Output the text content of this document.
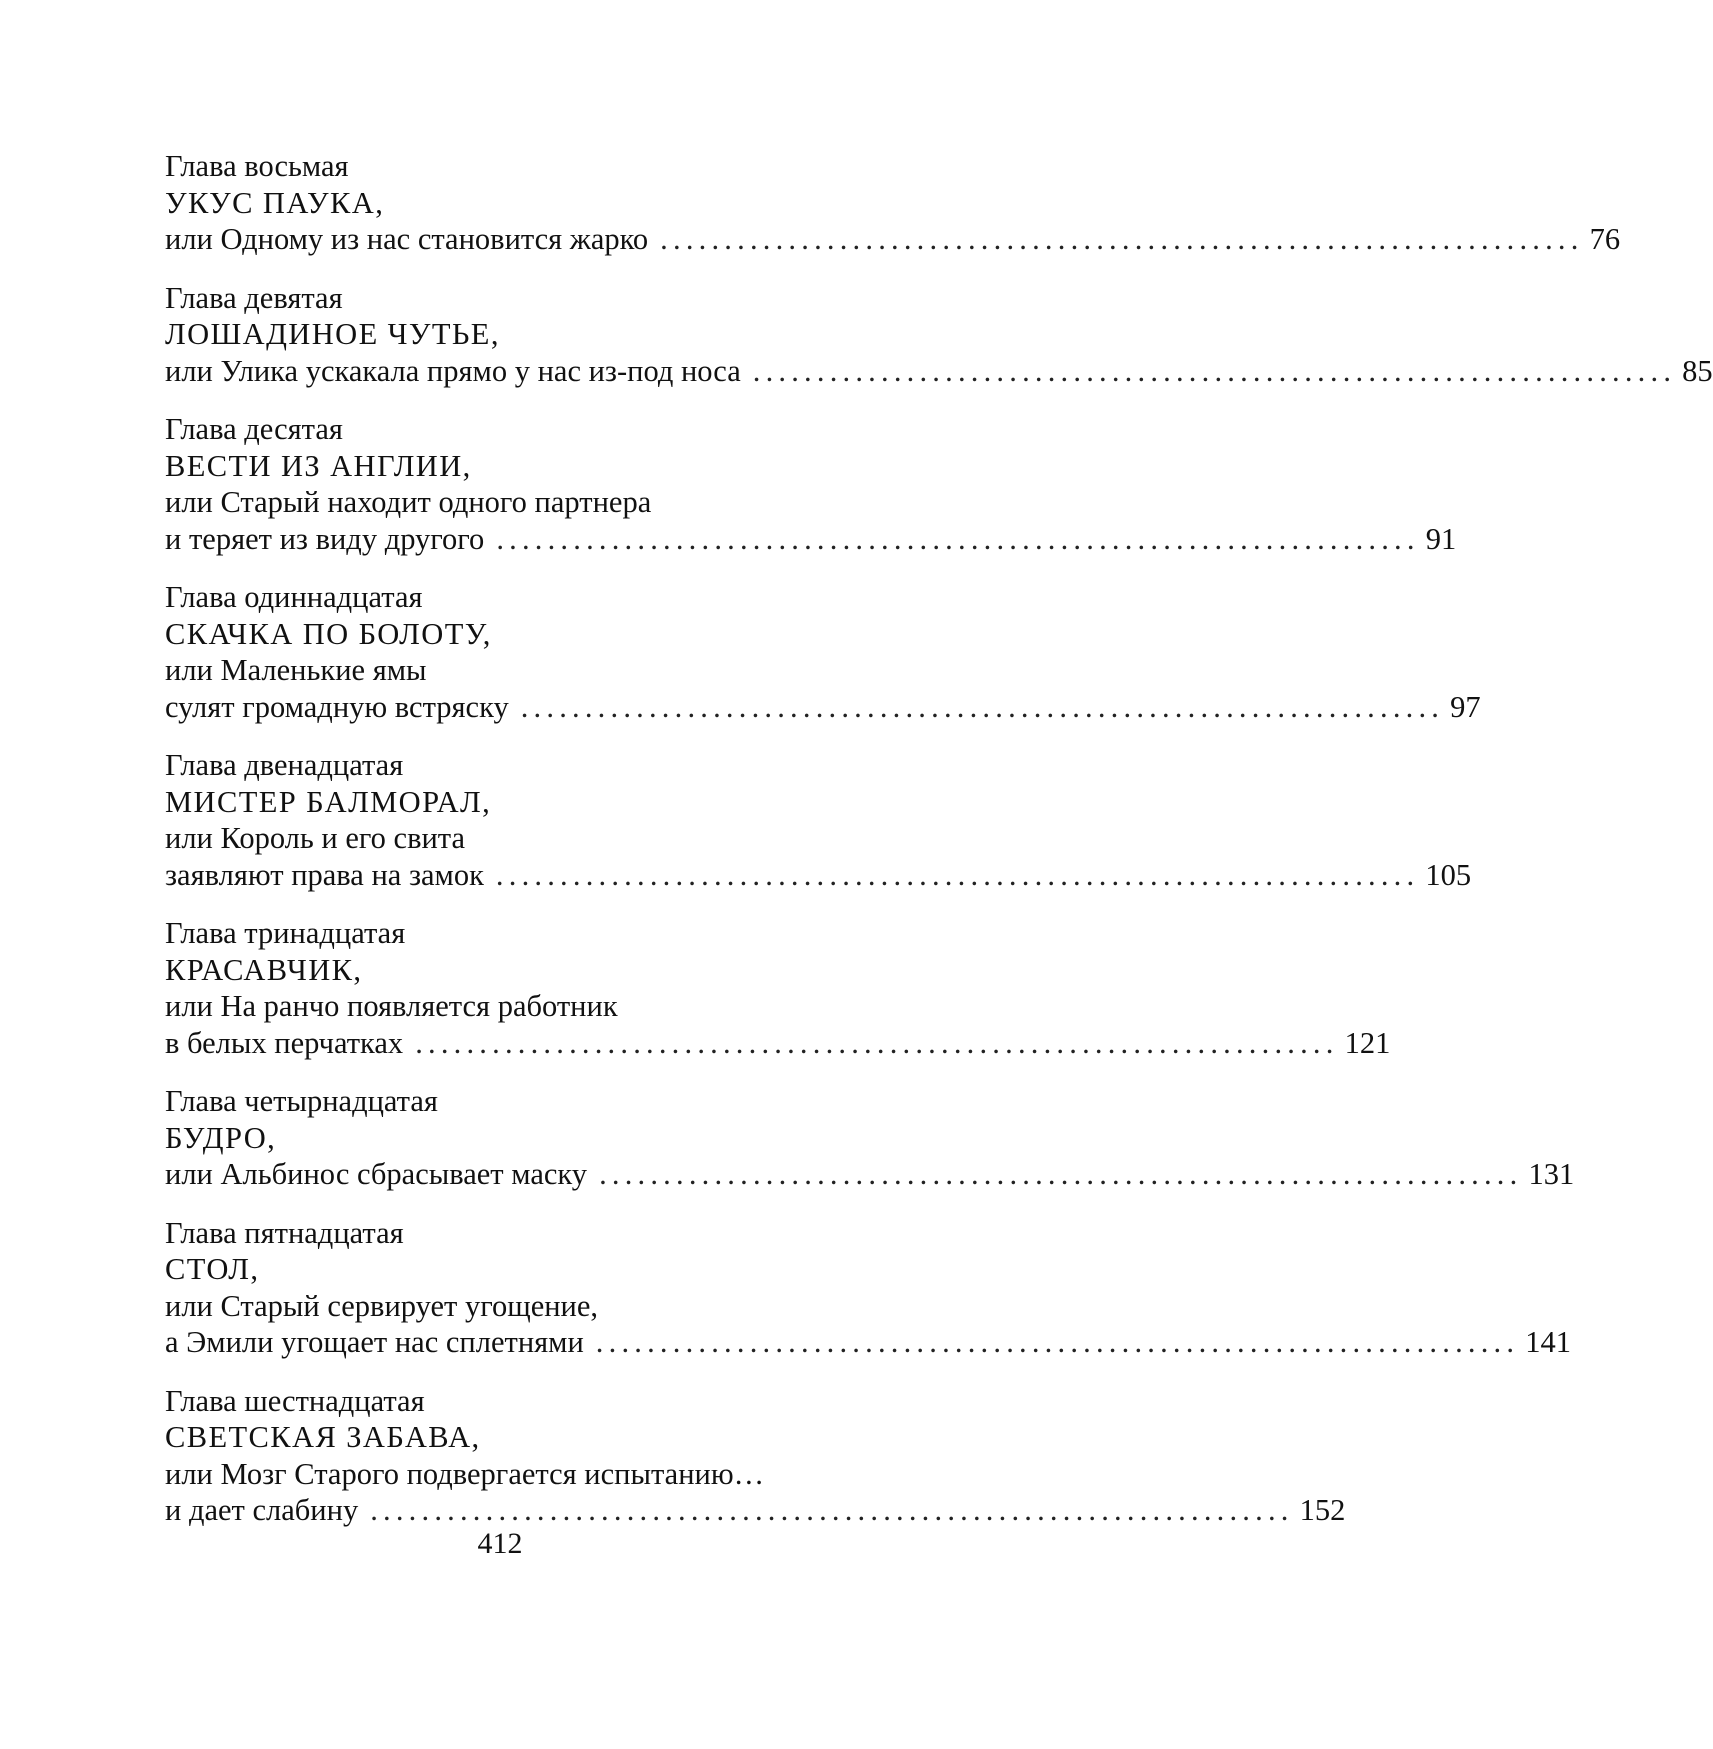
Глава восьмая
УКУС ПАУКА,
или Одному из нас становится жарко ........................................................................ 76
Глава девятая
ЛОШАДИНОЕ ЧУТЬЕ,
или Улика ускакала прямо у нас из-под носа ........................................................................ 85
Глава десятая
ВЕСТИ ИЗ АНГЛИИ,
или Старый находит одного партнера
и теряет из виду другого ........................................................................ 91
Глава одиннадцатая
СКАЧКА ПО БОЛОТУ,
или Маленькие ямы
сулят громадную встряску ........................................................................ 97
Глава двенадцатая
МИСТЕР БАЛМОРАЛ,
или Король и его свита
заявляют права на замок ........................................................................ 105
Глава тринадцатая
КРАСАВЧИК,
или На ранчо появляется работник
в белых перчатках ........................................................................ 121
Глава четырнадцатая
БУДРО,
или Альбинос сбрасывает маску ........................................................................ 131
Глава пятнадцатая
СТОЛ,
или Старый сервирует угощение,
а Эмили угощает нас сплетнями ........................................................................ 141
Глава шестнадцатая
СВЕТСКАЯ ЗАБАВА,
или Мозг Старого подвергается испытанию…
и дает слабину ........................................................................ 152
412
